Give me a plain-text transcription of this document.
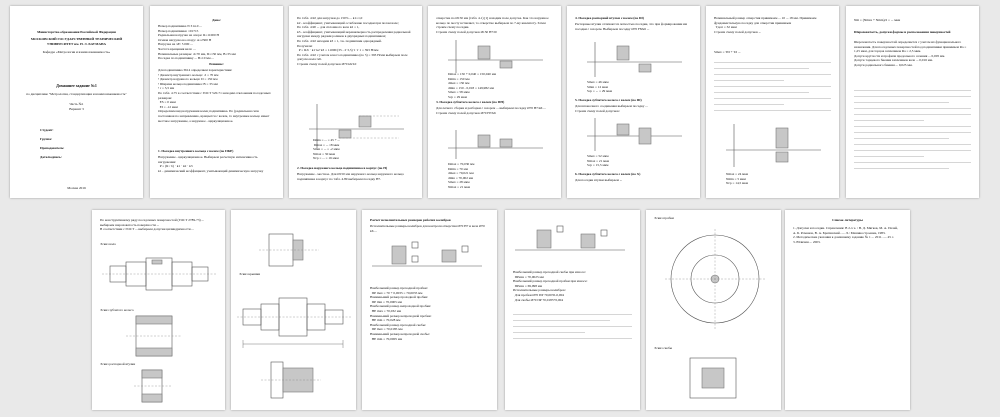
Министерство образования Российской Федерации
МОСКОВСКИЙ ГОСУДАРСТВЕННЫЙ ТЕХНИЧЕСКИЙ УНИВЕРСИТЕТ им. Н. Э. БАУМАНА
Кафедра «Метрология и взаимозаменяемость»
Домашнее задание №1
по дисциплине "Метрология, стандартизация и взаимозаменяемость"
Часть №1
Вариант 3
Студент:
Группа:
Преподаватель:
Дата/подпись:
Москва 2016
Дано:
Номер подшипника N 314-0 ...
Номер подшипника: 101715
Радиальная нагрузка на опоре: R=11000 Н
Осевая нагрузка на опору: A=2500 H
Нагрузка на чЕ: 5 000 ...
Частота вращения вала: ...
Номинальные размеры: d=70 мм, D=150 мм, B=35 мм
Посадка по подшипнику ... B=10 мм ...
Решение:
Для подшипника 3614 определяем характеристики:
• Диаметр внутреннего кольца:  d = 70 мм
• Диаметр наружного кольца: D = 150 мм
• Ширина кольца подшипника: B = 35 мм
• r = 3,5 мм
По табл. 4.75 в соответствии с ГОСТ 520-71 находим отклонения посадочных размеров:
ES = 0 мкм
EI = -12 мкм
Определяем вид нагружения колец подшипника. По (радиальная сила постоянная по направлению, вращается с валом, то внутреннее кольцо имеет местное нагружение, а наружное - циркуляционное.
1. Посадка внутреннего кольца с валом (по ПКР)
Нагружение - циркуляционное. Выбираем расчетную интенсивность нагружения:
P = (R / b) · k1 · k2 · k3
k1 - динамический коэффициент, учитывающий динамическую нагрузку
По табл. 4.92 для нагрузки до 150% ... k1=1,0
k2 - коэффициент, учитывающий ослабление посадки при полом вале;
По табл. 4.90 ... для сплошного вала k2 = 1,
k3 - коэффициент, учитывающий неравномерность распределения радиальной нагрузки между рядами роликов в двухрядных подшипниках;
По табл. 4.92 находим k3 = 1, т.к. подшипник однорядный.
Получили:
P = R/b · k1·k2·k3 = 11000/(35 - 2·3,5)·1·1·1 = 393 Н/мм
По табл. 4.92 с учетом класса подшипника (по 5) = 393 Н/мм выбираем поле допуска вала: k6.
Строим схему полей допусков Ø70 k6/L0
Dmin = ... = 45 + ...
Dmax = ... 18 мкм
Smin = ... = -2 мкм
Nmax = 30 мкм
Ncp = ... = 16 мкм
2. Посадка наружного кольца подшипника в корпус (по H)
Нагружение - местное. Для Ø150 мм наружного кольца наружного кольца подшипника в корпус по табл. 4.89 выбираем посадку H7.
отверстие по Ø150 мм (табл. 4.1) [1] находим поле допуска. Как это наружное кольцо по месту вставляет, то отверстие выбираем по 7-му квалитету. Затем строим схему посадки.
Строим схему полей допусков Ø150 H7/l0
Dmax = 150 + 0,040 = 150,040 мм
Dmin = 150 мм
dmax = 150 мм
dmin = 150 - 0,018 = 149,982 мм
Smax = 58 мкм
Scp = 29 мкм
3. Посадка зубчатого колеса с валом (по ПН)
Для легкого сборки и разборки с зазором ... выбираем посадку Ø70 H7/k6 ...
Строим схему полей допусков Ø70 H7/k6
Dmax = 70,030 мм
Dmin = 70 мм
dmax = 70,021 мм
dmin = 70,002 мм
Smax = 28 мкм
Nmax = 21 мкм
4. Посадка распорной втулки с валом (по Ш)
Распорные втулки отличаются легкостью посадки, что при формировании им посадки с зазором. Выбираем посадку Ø70 F8/k6 ...
Smax = 46 мкм
Smin = 12 мкм
Scp = ... = 29 мкм
5. Посадка зубчатого колеса с валом (по Ш)
Для шпоночного соединения выбираем посадку ...
Строим схему полей допусков:
Smax = 52 мкм
Nmax = 21 мкм
Scp = 15,5 мкм
6. Посадка зубчатого колеса с валом (по Х)
Для посадки втулки выбираем ...
Номинальный размер отверстия принимаем ... 10 ... 18 мм. Принимаем фундаментальную посадку для отверстия принимаем
Tдоп = 32 мкм
Строим схему полей допусков ...
Smax = TD + Td ...
Nmax = 24 мкм
Nmin = 5 мкм
Ncp = 14,5 мкм
Nm = (Nmax + Nmin)/2 = ... мкм
Шероховатость, допуски формы и расположения поверхностей
Шероховатость поверхностей определяется с учетом их функционального назначения. Для посадочных поверхностей под подшипники принимаем Ra = 1,25 мкм, для торцов заплечиков Ra = 2,5 мкм.
Допуск круглости и профиля продольного сечения ... 0,005 мм.
Допуск торцевого биения заплечиков вала ... 0,016 мм.
Допуск радиального биения ... 0,025 мм.
По конструктивному ряду посадочных поверхностей (ГОСТ 2789-73) ... выбираем шероховатость поверхности ...
В соответствии с ГОСТ ... выбираем допуски цилиндричности ...
Эскиз вала
Эскиз зубчатого колеса
Эскиз распорной втулки
Эскиз крышки
Расчет исполнительных размеров рабочих калибров
Исполнительные размеры калибров для контроля отверстия Ø70 H7 и вала Ø70 k6 ...
Наибольший размер проходной пробки:
ПР max = 70 + 0,0035 = 70,0035 мм
Наименьший размер проходной пробки:
ПР min = 70,0005 мм
Наибольший размер непроходной пробки:
НЕ max = 70,032 мм
Наименьший размер непроходной пробки:
НЕ min = 70,028 мм
Наибольший размер проходной скобы:
ПР max = 70,0185 мм
Наименьший размер непроходной скобы:
НЕ min = 70,0005 мм
Наибольший размер проходной скобы при износе:
ПРизн = 70,0025 мм
Наибольший размер проходной пробки при износе:
ПРизн = 69,998 мм
Исполнительные размеры калибров:
Для пробки Ø70 ПР 70,0035-0,004
Для скобы Ø70 ПР 70,0185+0,004
Эскиз пробки
Эскиз скобы
Список литературы
1. Допуски и посадки. Справочник: В 2-х ч. / В. Д. Мягков, М. А. Палей, А. Б. Романов, В. А. Брагинский. — Л.: Машиностроение, 1983.
2. Методические указания к домашнему заданию № 1 ... 2011. — 45 с.
3. Юлихин ... 2003.
